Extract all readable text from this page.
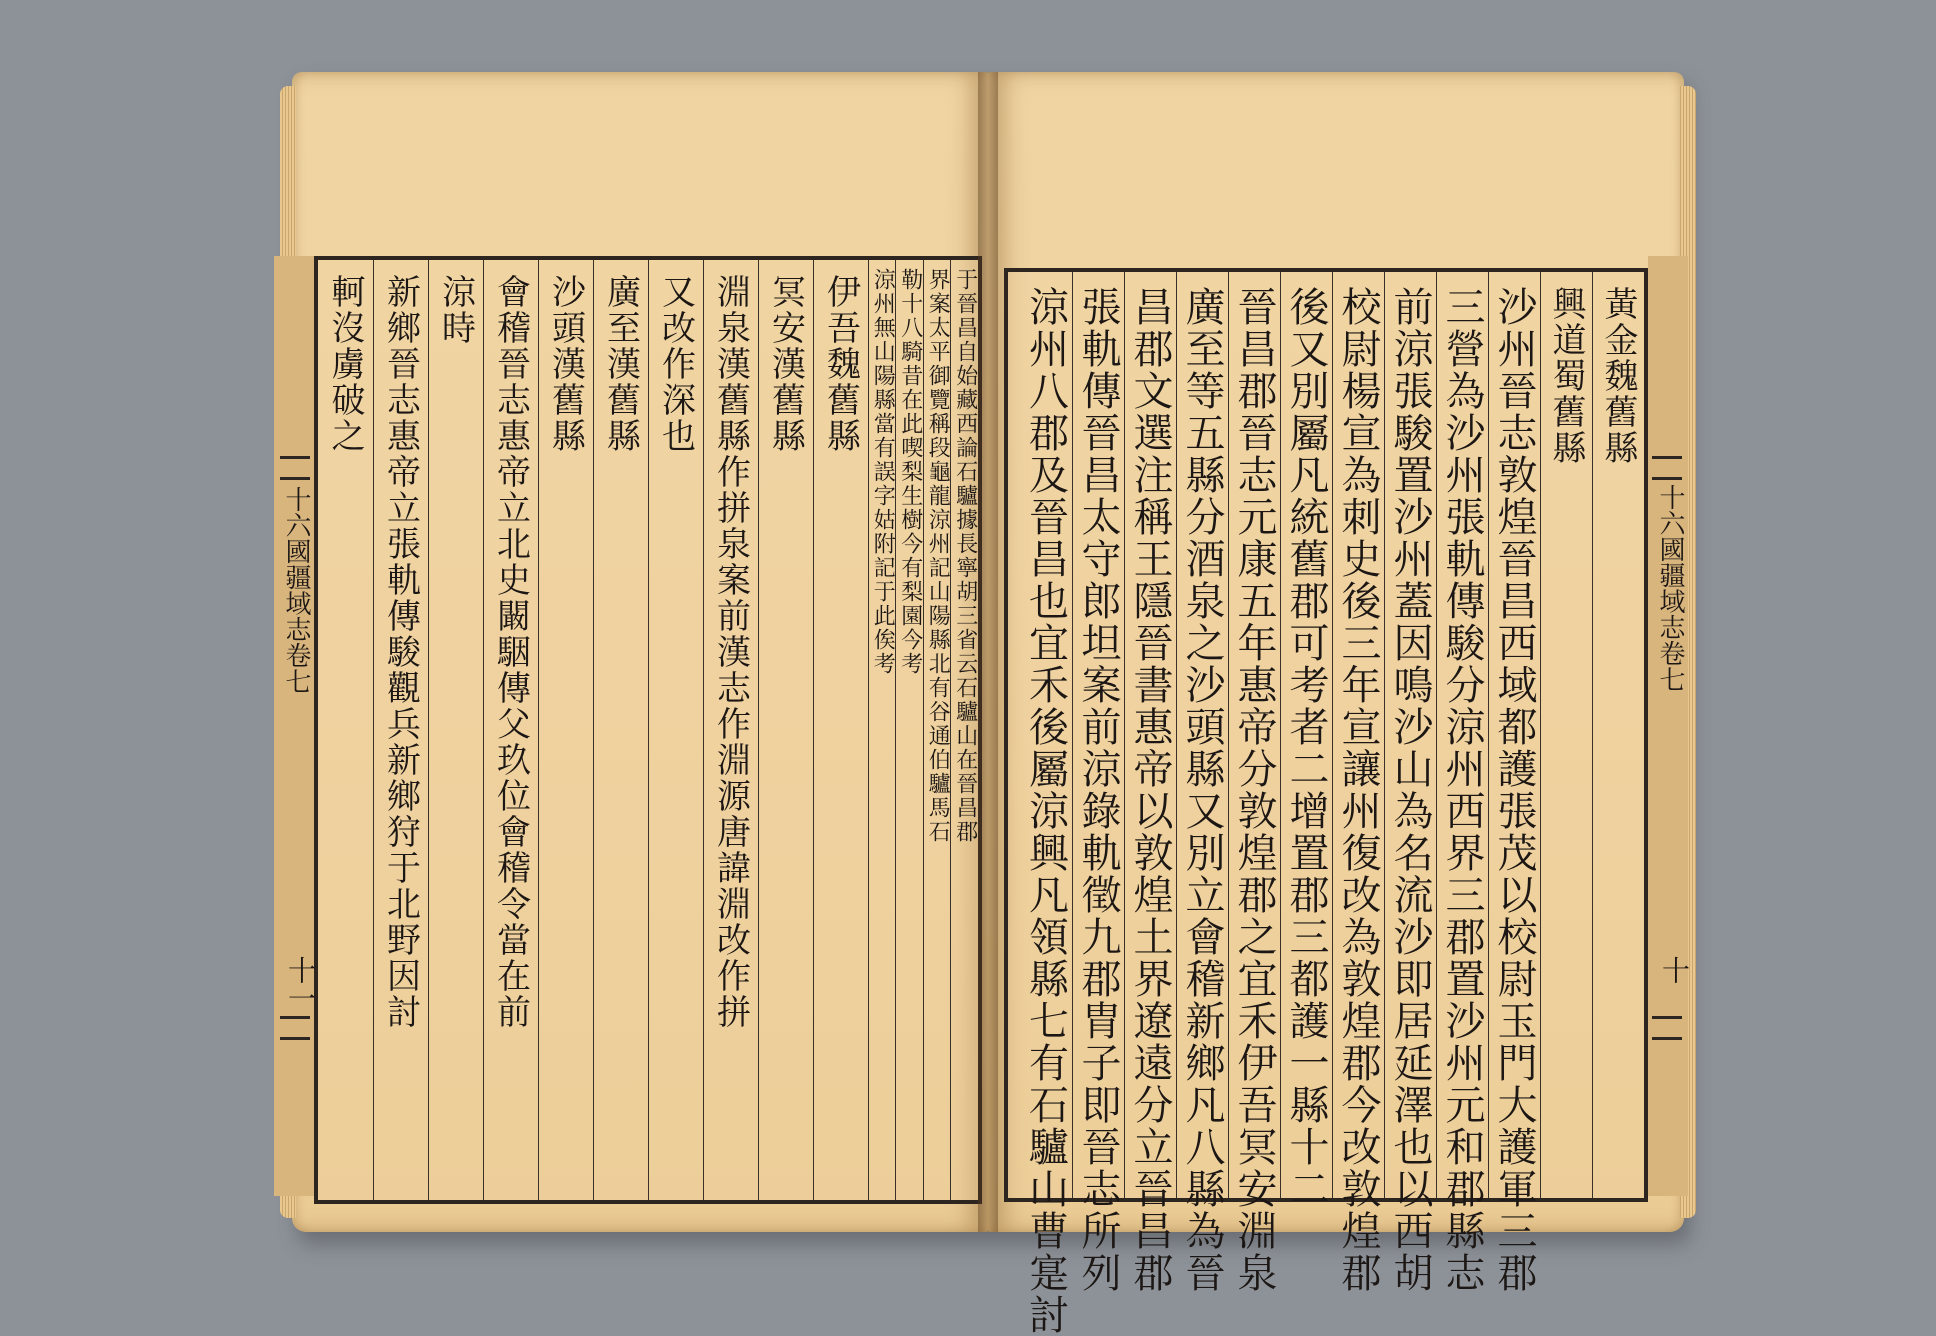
于晉昌自始藏西論石驢據長寧胡三省云石驢山在晉昌郡
界案太平御覽稱段龜龍涼州記山陽縣北有谷通伯驢馬石
勒十八騎昔在此喫梨生樹今有梨園今考
涼州無山陽縣當有誤字姑附記于此俟考
伊吾魏舊縣
冥安漢舊縣
淵泉漢舊縣作拼泉案前漢志作淵源唐諱淵改作拼
又改作深也
廣至漢舊縣
沙頭漢舊縣
會稽晉志惠帝立北史闞駰傳父玖位會稽令當在前
涼時
新鄉晉志惠帝立張軌傳駿觀兵新鄉狩于北野因討
軻沒虜破之
十六國疆域志卷七
十一
黃金魏舊縣
興道蜀舊縣
沙州晉志敦煌晉昌西域都護張茂以校尉玉門大護軍三郡
三營為沙州張軌傳駿分涼州西界三郡置沙州元和郡縣志
前涼張駿置沙州蓋因鳴沙山為名流沙即居延澤也以西胡
校尉楊宣為刺史後三年宣讓州復改為敦煌郡今改敦煌郡
後又別屬凡統舊郡可考者二增置郡三都護一縣十二
晉昌郡晉志元康五年惠帝分敦煌郡之宜禾伊吾冥安淵泉
廣至等五縣分酒泉之沙頭縣又別立會稽新鄉凡八縣為晉
昌郡文選注稱王隱晉書惠帝以敦煌土界遼遠分立晉昌郡
張軌傳晉昌太守郎坦案前涼錄軌徵九郡胄子即晉志所列
涼州八郡及晉昌也宜禾後屬涼興凡領縣七有石驢山曹寔討	十六國疆域志卷七
十
